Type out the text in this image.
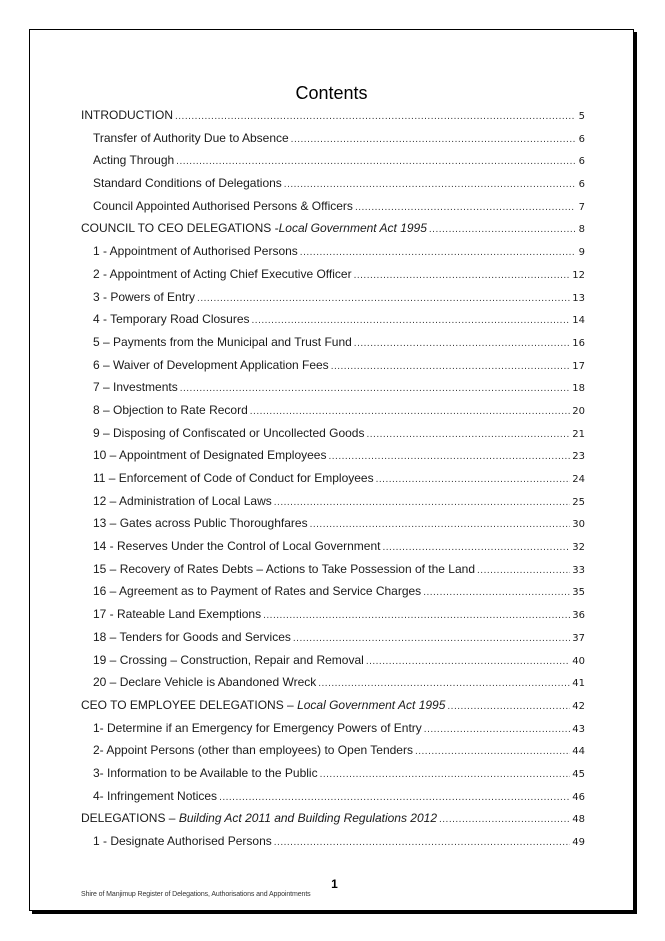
Contents
INTRODUCTION .....	5
Transfer of Authority Due to Absence .....	6
Acting Through .....	6
Standard Conditions of Delegations .....	6
Council Appointed Authorised Persons & Officers .....	7
COUNCIL TO CEO DELEGATIONS -Local Government Act 1995 .....	8
1 - Appointment of Authorised Persons .....	9
2 - Appointment of Acting Chief Executive Officer .....	12
3 - Powers of Entry .....	13
4 - Temporary Road Closures .....	14
5 – Payments from the Municipal and Trust Fund .....	16
6 – Waiver of Development Application Fees .....	17
7 – Investments .....	18
8 – Objection to Rate Record .....	20
9 – Disposing of Confiscated or Uncollected Goods .....	21
10 – Appointment of Designated Employees .....	23
11 – Enforcement of Code of Conduct for Employees .....	24
12 – Administration of Local Laws .....	25
13 – Gates across Public Thoroughfares .....	30
14 - Reserves Under the Control of Local Government .....	32
15 – Recovery of Rates Debts – Actions to Take Possession of the Land .....	33
16 – Agreement as to Payment of Rates and Service Charges .....	35
17 - Rateable Land Exemptions .....	36
18 – Tenders for Goods and Services .....	37
19 – Crossing – Construction, Repair and Removal .....	40
20 – Declare Vehicle is Abandoned Wreck .....	41
CEO TO EMPLOYEE DELEGATIONS – Local Government Act 1995 .....	42
1- Determine if an Emergency for Emergency Powers of Entry .....	43
2- Appoint Persons (other than employees) to Open Tenders .....	44
3- Information to be Available to the Public .....	45
4- Infringement Notices .....	46
DELEGATIONS – Building Act 2011 and Building Regulations 2012 .....	48
1 - Designate Authorised Persons .....	49
1
Shire of Manjimup Register of Delegations, Authorisations and Appointments
